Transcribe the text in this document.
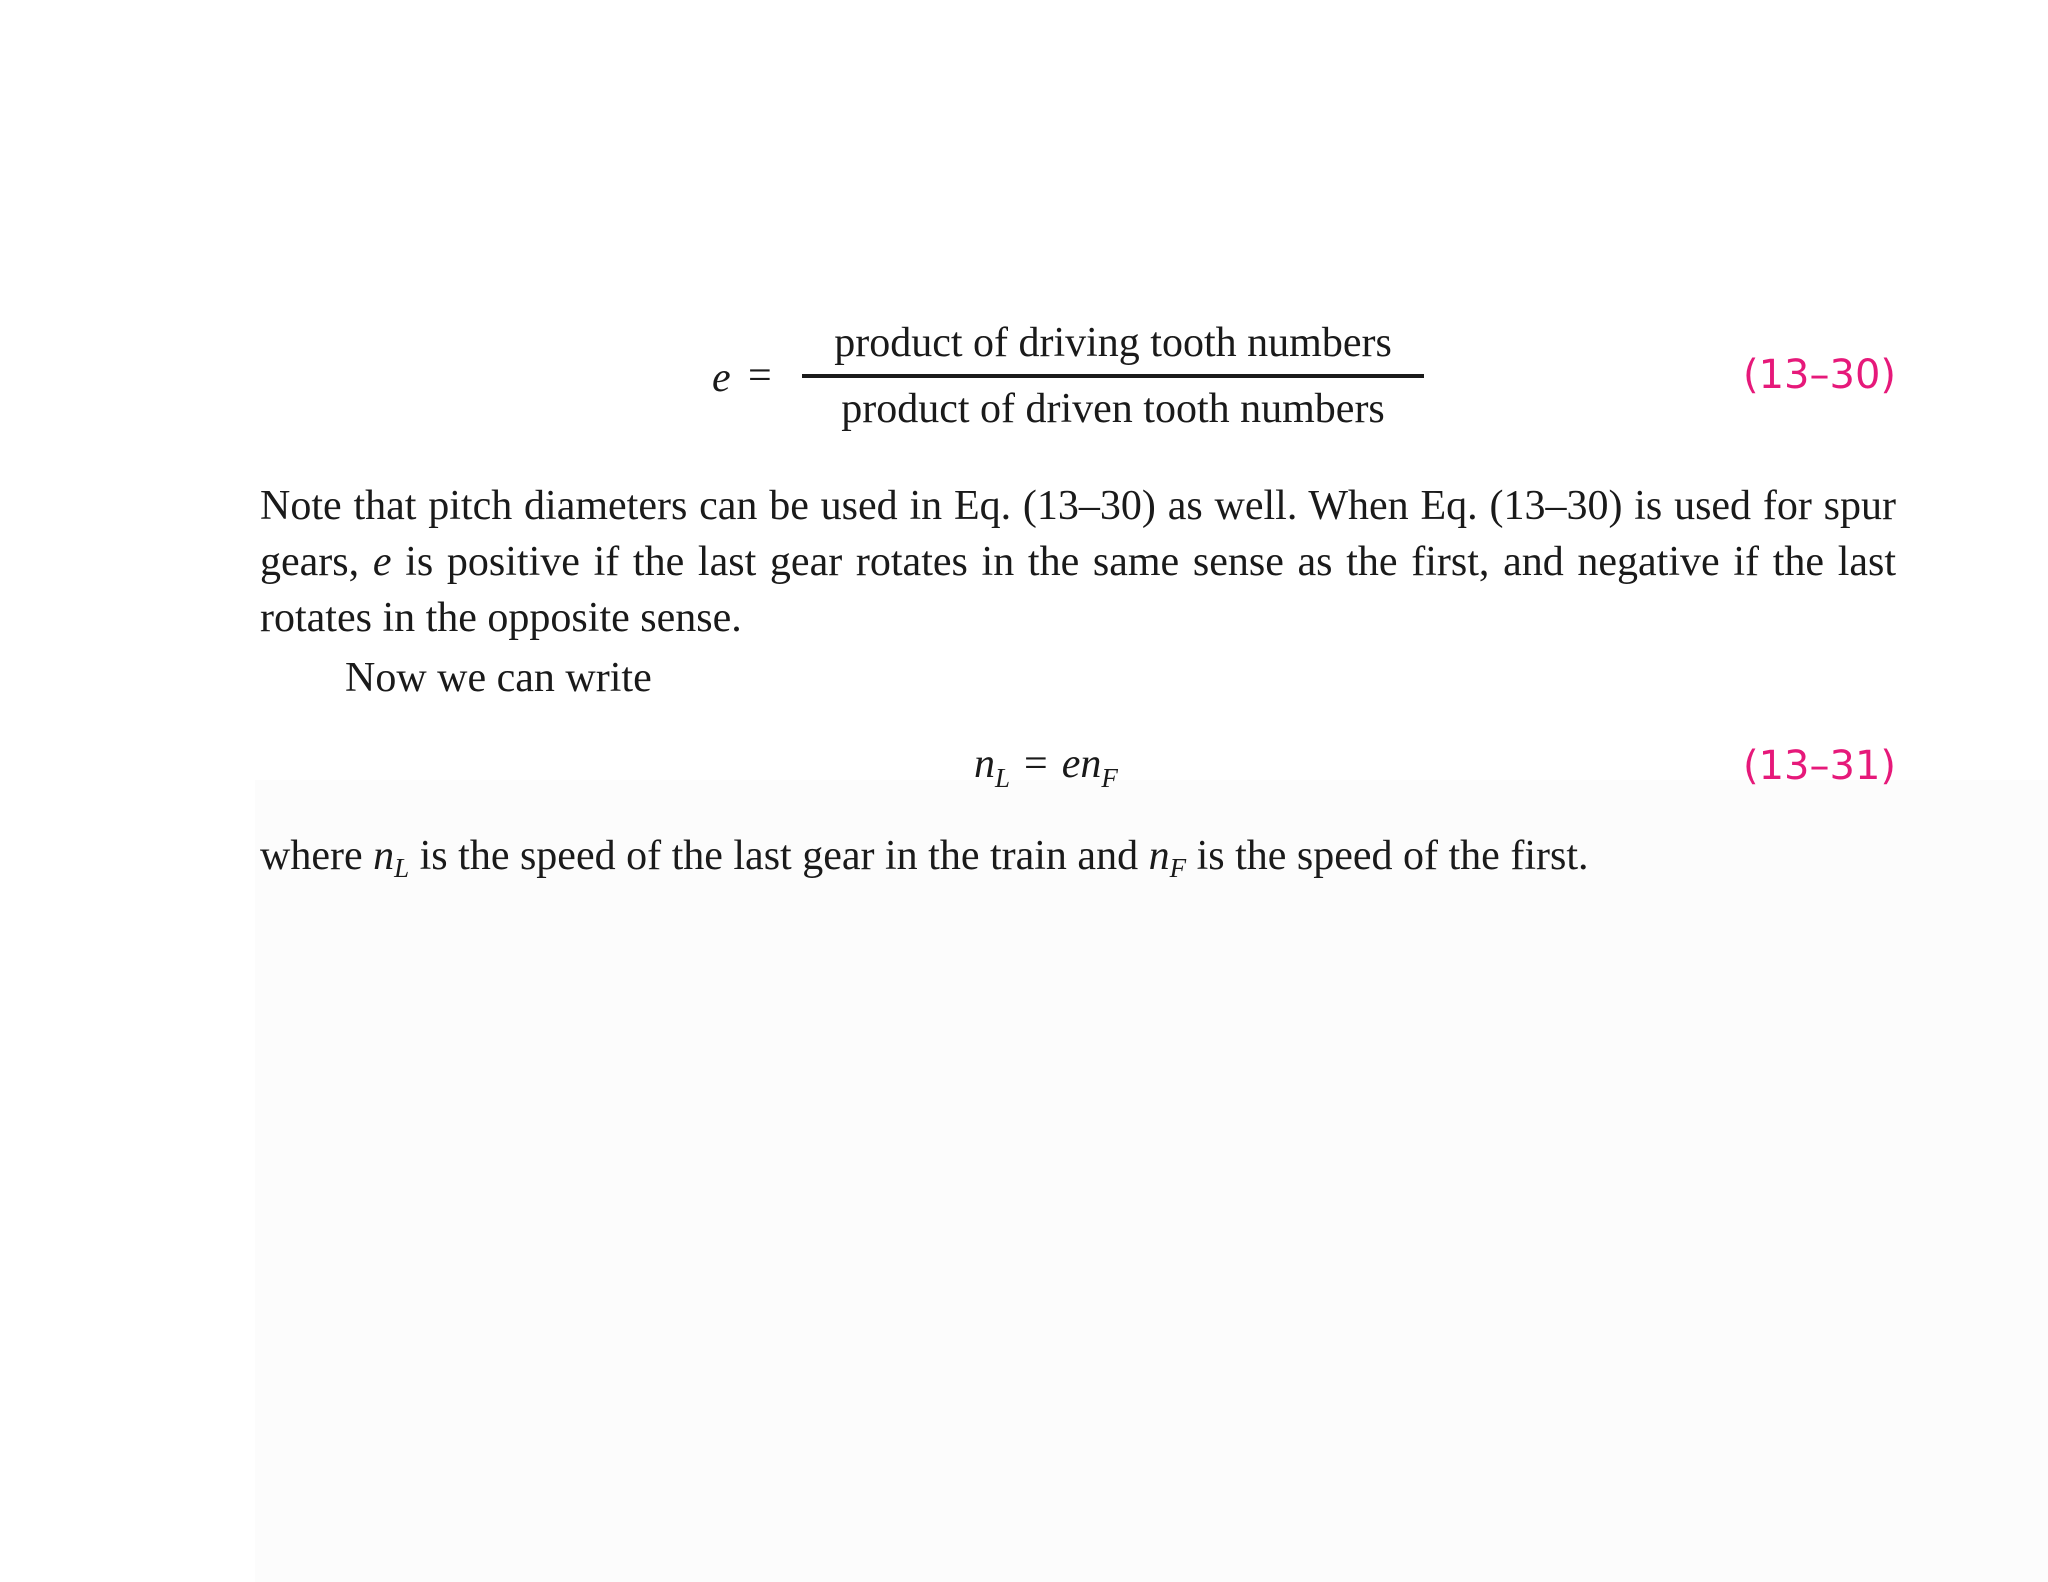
e =
product of driving tooth numbers
product of driven tooth numbers
(13–30)
Note that pitch diameters can be used in Eq. (13–30) as well. When Eq. (13–30) is used for spur gears, e is positive if the last gear rotates in the same sense as the first, and negative if the last rotates in the opposite sense.
Now we can write
$n_L = en_F$	(13–31)
where $n_L$ is the speed of the last gear in the train and $n_F$ is the speed of the first.
